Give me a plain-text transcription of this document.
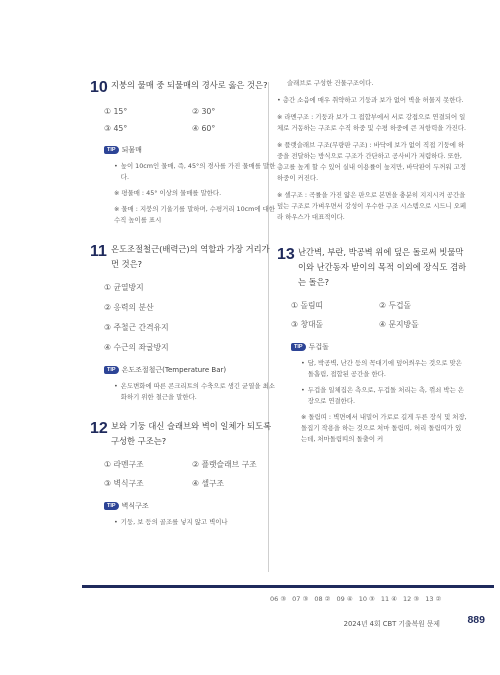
10 지붕의 물매 중 되물매의 경사로 옳은 것은?
① 15°	② 30°
③ 45°	④ 60°
TIP 되물매
• 높이 10cm인 물매, 즉, 45°의 경사를 가진 물매를 말한다.
※ 평물매 : 45° 이상의 물매를 말한다.
※ 물매 : 지붕의 기울기를 말하며, 수평거리 10cm에 대한 수직 높이를 표시
11 온도조절철근(배력근)의 역할과 가장 거리가 먼 것은?
① 균열방지
② 응력의 분산
③ 주철근 간격유지
④ 수근의 좌굴방지
TIP 온도조절철근(Temperature Bar)
• 온도변화에 따른 콘크리트의 수축으로 생긴 균열을 최소화하기 위한 철근을 말한다.
12 보와 기둥 대신 슬래브와 벽이 일체가 되도록 구성한 구조는?
① 라멘구조	② 플랫슬래브 구조
③ 벽식구조	④ 셀구조
TIP 벽식구조
• 기둥, 보 등의 골조를 넣지 않고 벽이나
슬래브로 구성한 건물구조이다.
• 층간 소음에 매우 취약하고 기둥과 보가 없어 벽을 허물지 못한다.
※ 라멘구조 : 기둥과 보가 그 접합부에서 서로 강접으로 연결되어 일체로 거동하는 구조로 수직 하중 및 수평 하중에 큰 저항력을 가진다.
※ 플랫슬래브 구조(무량판 구조) : 바닥에 보가 없이 직접 기둥에 하중을 전달하는 방식으로 구조가 간단하고 공사비가 저렴하다. 또한, 층고를 높게 할 수 있어 실내 이용률이 높지만, 바닥판이 두꺼워 고정하중이 커진다.
※ 셀구조 : 곡률을 가진 얇은 판으로 본면을 충분히 지지시켜 공간을 덮는 구조로 가벼우면서 강성이 우수한 구조 시스템으로 시드니 오페라 하우스가 대표적이다.
13 난간벽, 부란, 박공벽 위에 덮은 돌로써 빗물막이와 난간동자 받이의 목적 이외에 장식도 겸하는 돌은?
① 돌림띠	② 두겁돌
③ 창대돌	④ 문지방돌
TIP 두겁돌
• 담, 박공벽, 난간 등의 꼭대기에 덮어씌우는 것으로 맞은 돌흡림, 접합된 공간을 한다.
• 두겁을 일체집은 측으로, 두겁돌 처리는 측, 꺾쇠 박는 은장으로 연결한다.
※ 돌림띠 : 벽면에서 내밀어 가로로 길게 두른 장식 및 처장, 돌집기 작용을 하는 것으로 처마 돌림띠, 허리 돌림띠가 있는데, 처마돌림띠의 돌출이 커
06 ③ 07 ③ 08 ② 09 ④ 10 ③ 11 ④ 12 ③ 13 ②
2024년 4회 CBT 기출복원 문제	889
